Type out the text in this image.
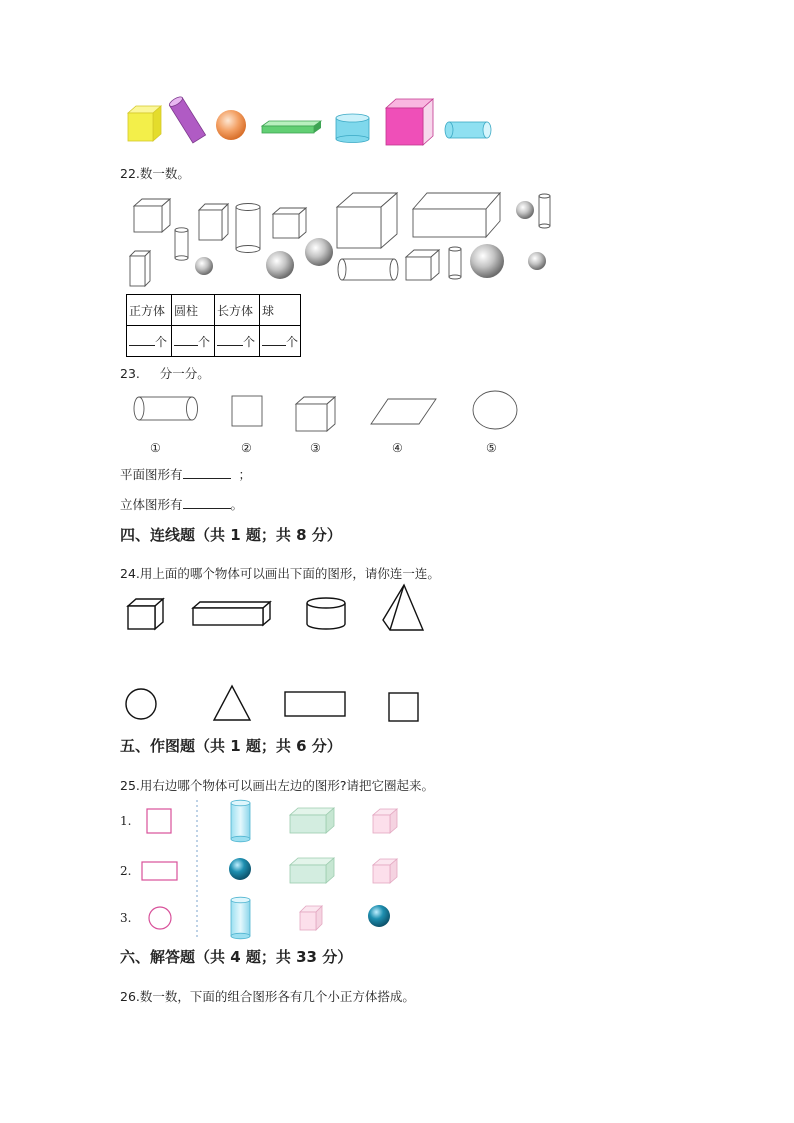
22.数一数。
正方体	圆柱	长方体	球
个	个	个	个
23.     分一分。
①	②	③	④	⑤
平面图形有	；
立体图形有	。
四、连线题（共 1 题；共 8 分）
24.用上面的哪个物体可以画出下面的图形，请你连一连。
五、作图题（共 1 题；共 6 分）
25.用右边哪个物体可以画出左边的图形?请把它圈起来。
1.
2.
3.
六、解答题（共 4 题；共 33 分）
26.数一数，下面的组合图形各有几个小正方体搭成。
